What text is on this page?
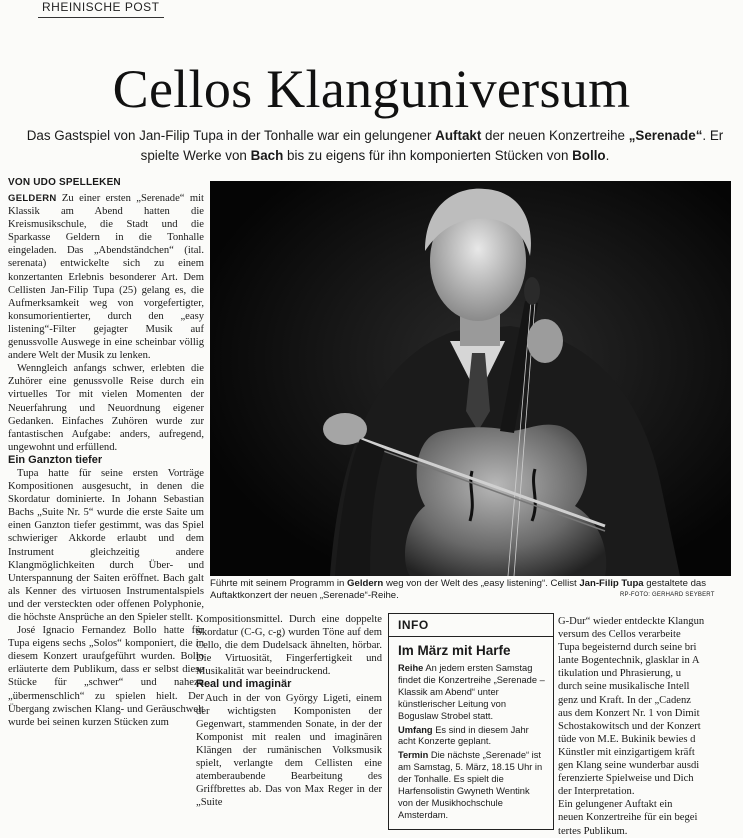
RHEINISCHE POST
Cellos Klanguniversum
Das Gastspiel von Jan-Filip Tupa in der Tonhalle war ein gelungener Auftakt der neuen Konzertreihe „Serenade“. Er
spielte Werke von Bach bis zu eigens für ihn komponierten Stücken von Bollo.
VON UDO SPELLEKEN

GELDERN Zu einer ersten „Serenade“ mit Klassik am Abend hatten die Kreismusikschule, die Stadt und die Sparkasse Geldern in die Tonhalle eingeladen. Das „Abendständchen“ (ital. serenata) entwickelte sich zu einem konzertanten Erlebnis besonderer Art. Dem Cellisten Jan-Filip Tupa (25) gelang es, die Aufmerksamkeit weg von vorgefertigter, konsumorientierter, durch den „easy listening“-Filter gejagter Musik auf genussvolle Auswege in eine scheinbar völlig andere Welt der Musik zu lenken.

Wenngleich anfangs schwer, erlebten die Zuhörer eine genussvolle Reise durch ein virtuelles Tor mit vielen Momenten der Neuerfahrung und Neuordnung eigener Gedanken. Einfaches Zuhören wurde zur fantastischen Aufgabe: anders, aufregend, ungewohnt und erfüllend.

Ein Ganzton tiefer

Tupa hatte für seine ersten Vorträge Kompositionen ausgesucht, in denen die Skordatur dominierte. In Johann Sebastian Bachs „Suite Nr. 5“ wurde die erste Saite um einen Ganzton tiefer gestimmt, was das Spiel schwieriger Akkorde erlaubt und dem Instrument gleichzeitig andere Klangmöglichkeiten durch Über- und Unterspannung der Saiten eröffnet. Bach galt als Kenner des virtuosen Instrumentalspiels und der versteckten oder offenen Polyphonie, die höchste Ansprüche an den Spieler stellt.

José Ignacio Fernandez Bollo hatte für Tupa eigens sechs „Solos“ komponiert, die in diesem Konzert uraufgeführt wurden. Bollo erläuterte dem Publikum, dass er selbst diese Stücke für „schwer“ und nahezu „übermenschlich“ zu spielen hielt. Der Übergang zwischen Klang- und Geräuschwelt wurde bei seinen kurzen Stücken zum

Führte mit seinem Programm in Geldern weg von der Welt des „easy listening“. Cellist Jan-Filip Tupa gestaltete das
Auftaktkonzert der neuen „Serenade“-Reihe.	RP-FOTO: GERHARD SEYBERT

Kompositionsmittel. Durch eine doppelte Skordatur (C-G, c-g) wurden Töne auf dem Cello, die dem Dudelsack ähnelten, hörbar. Die Virtuosität, Fingerfertigkeit und Musikalität war beeindruckend.

Real und imaginär

Auch in der von György Ligeti, einem der wichtigsten Komponisten der Gegenwart, stammenden Sonate, in der der Komponist mit realen und imaginären Klängen der rumänischen Volksmusik spielt, verlangte dem Cellisten eine atemberaubende Bearbeitung des Griffbrettes ab. Das von Max Reger in der „Suite

INFO
Im März mit Harfe

Reihe An jedem ersten Samstag findet die Konzertreihe „Serenade – Klassik am Abend“ unter künstlerischer Leitung von Boguslaw Strobel statt.

Umfang Es sind in diesem Jahr acht Konzerte geplant.

Termin Die nächste „Serenade“ ist am Samstag, 5. März, 18.15 Uhr in der Tonhalle. Es spielt die Harfensolistin Gwyneth Wentink von der Musikhochschule Amsterdam.

G-Dur“ wieder entdeckte Klangun
versum des Cellos verarbeite
Tupa begeisternd durch seine bri
lante Bogentechnik, glasklar in A
tikulation und Phrasierung, u
durch seine musikalische Intell
genz und Kraft. In der „Cadenz
aus dem Konzert Nr. 1 von Dimit
Schostakowitsch und der Konzert
tüde von M.E. Bukinik bewies d
Künstler mit einzigartigem kräft
gen Klang seine wunderbar ausdi
ferenzierte Spielweise und Dich
der Interpretation.
Ein gelungener Auftakt ein
neuen Konzertreihe für ein begei
tertes Publikum.
